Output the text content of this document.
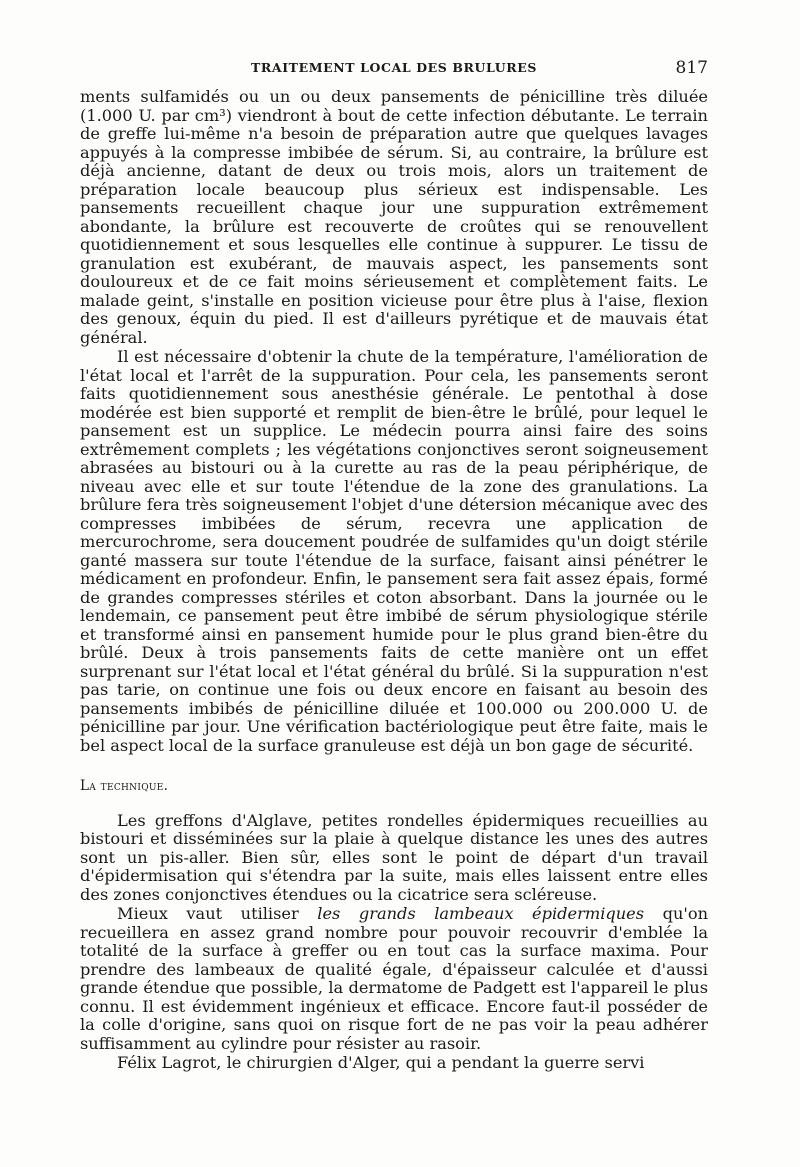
TRAITEMENT LOCAL DES BRULURES	817

ments sulfamidés ou un ou deux pansements de pénicilline très diluée (1.000 U. par cm³) viendront à bout de cette infection débutante. Le terrain de greffe lui-même n'a besoin de préparation autre que quelques lavages appuyés à la compresse imbibée de sérum. Si, au contraire, la brûlure est déjà ancienne, datant de deux ou trois mois, alors un traitement de préparation locale beaucoup plus sérieux est indispensable. Les pansements recueillent chaque jour une suppuration extrêmement abondante, la brûlure est recouverte de croûtes qui se renouvellent quotidiennement et sous lesquelles elle continue à suppurer. Le tissu de granulation est exubérant, de mauvais aspect, les pansements sont douloureux et de ce fait moins sérieusement et complètement faits. Le malade geint, s'installe en position vicieuse pour être plus à l'aise, flexion des genoux, équin du pied. Il est d'ailleurs pyrétique et de mauvais état général.

Il est nécessaire d'obtenir la chute de la température, l'amélioration de l'état local et l'arrêt de la suppuration. Pour cela, les pansements seront faits quotidiennement sous anesthésie générale. Le pentothal à dose modérée est bien supporté et remplit de bien-être le brûlé, pour lequel le pansement est un supplice. Le médecin pourra ainsi faire des soins extrêmement complets ; les végétations conjonctives seront soigneusement abrasées au bistouri ou à la curette au ras de la peau périphérique, de niveau avec elle et sur toute l'étendue de la zone des granulations. La brûlure fera très soigneusement l'objet d'une détersion mécanique avec des compresses imbibées de sérum, recevra une application de mercurochrome, sera doucement poudrée de sulfamides qu'un doigt stérile ganté massera sur toute l'étendue de la surface, faisant ainsi pénétrer le médicament en profondeur. Enfin, le pansement sera fait assez épais, formé de grandes compresses stériles et coton absorbant. Dans la journée ou le lendemain, ce pansement peut être imbibé de sérum physiologique stérile et transformé ainsi en pansement humide pour le plus grand bien-être du brûlé. Deux à trois pansements faits de cette manière ont un effet surprenant sur l'état local et l'état général du brûlé. Si la suppuration n'est pas tarie, on continue une fois ou deux encore en faisant au besoin des pansements imbibés de pénicilline diluée et 100.000 ou 200.000 U. de pénicilline par jour. Une vérification bactériologique peut être faite, mais le bel aspect local de la surface granuleuse est déjà un bon gage de sécurité.

La technique.

Les greffons d'Alglave, petites rondelles épidermiques recueillies au bistouri et disséminées sur la plaie à quelque distance les unes des autres sont un pis-aller. Bien sûr, elles sont le point de départ d'un travail d'épidermisation qui s'étendra par la suite, mais elles laissent entre elles des zones conjonctives étendues ou la cicatrice sera scléreuse.

Mieux vaut utiliser les grands lambeaux épidermiques qu'on recueillera en assez grand nombre pour pouvoir recouvrir d'emblée la totalité de la surface à greffer ou en tout cas la surface maxima. Pour prendre des lambeaux de qualité égale, d'épaisseur calculée et d'aussi grande étendue que possible, la dermatome de Padgett est l'appareil le plus connu. Il est évidemment ingénieux et efficace. Encore faut-il posséder de la colle d'origine, sans quoi on risque fort de ne pas voir la peau adhérer suffisamment au cylindre pour résister au rasoir.

Félix Lagrot, le chirurgien d'Alger, qui a pendant la guerre servi
